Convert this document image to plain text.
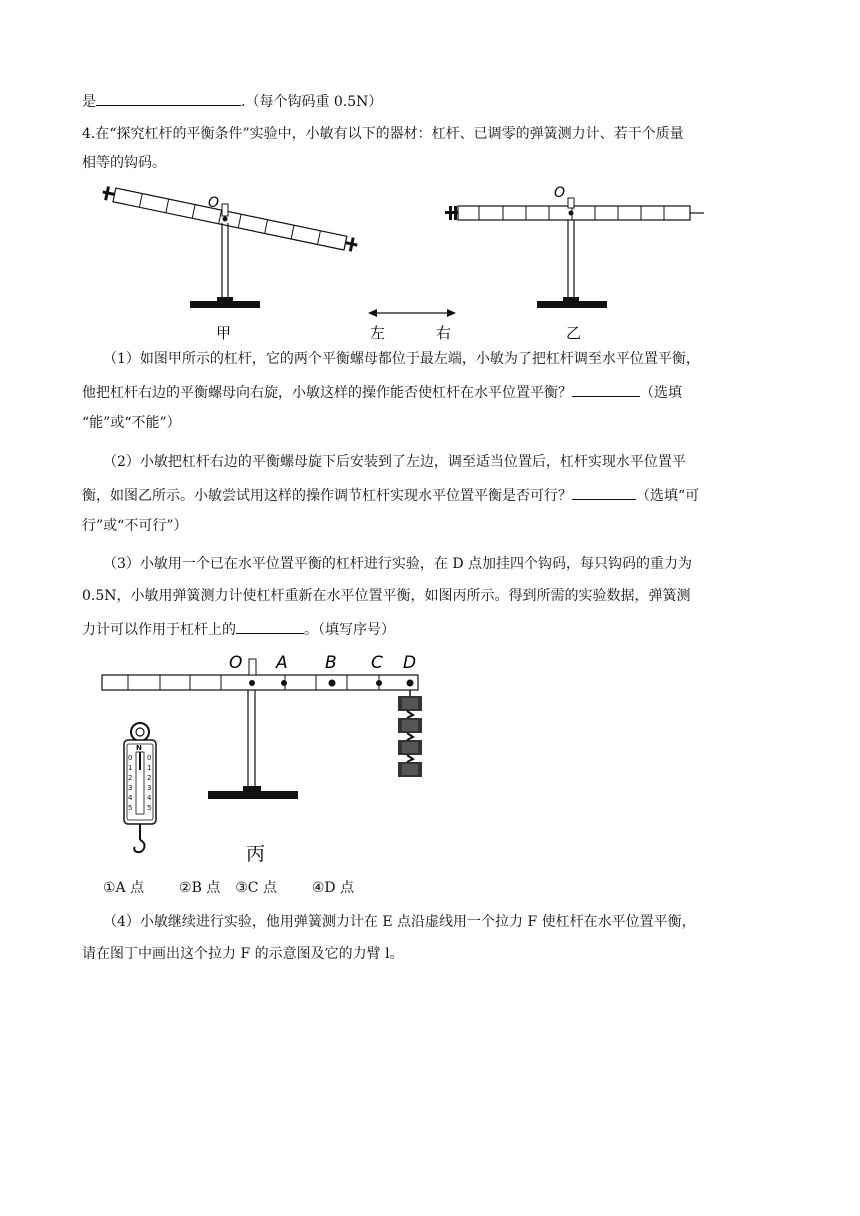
是	.（每个钩码重 0.5N）
4.在“探究杠杆的平衡条件”实验中，小敏有以下的器材：杠杆、已调零的弹簧测力计、若干个质量
相等的钩码。
O
甲	左	右
O
乙
（1）如图甲所示的杠杆，它的两个平衡螺母都位于最左端，小敏为了把杠杆调至水平位置平衡，
他把杠杆右边的平衡螺母向右旋，小敏这样的操作能否使杠杆在水平位置平衡？	（选填
“能”或“不能”）
（2）小敏把杠杆右边的平衡螺母旋下后安装到了左边，调至适当位置后，杠杆实现水平位置平
衡，如图乙所示。小敏尝试用这样的操作调节杠杆实现水平位置平衡是否可行？	（选填“可
行”或“不可行”）
（3）小敏用一个已在水平位置平衡的杠杆进行实验，在 D 点加挂四个钩码，每只钩码的重力为
0.5N，小敏用弹簧测力计使杠杆重新在水平位置平衡，如图丙所示。得到所需的实验数据，弹簧测
力计可以作用于杠杆上的	。（填写序号）
O A B C D
N
0
1
2
3
4
5
0
1
2
3
4
5
丙
①A 点 ②B 点 ③C 点 ④D 点
（4）小敏继续进行实验，他用弹簧测力计在 E 点沿虚线用一个拉力 F 使杠杆在水平位置平衡，
请在图丁中画出这个拉力 F 的示意图及它的力臂 l。
